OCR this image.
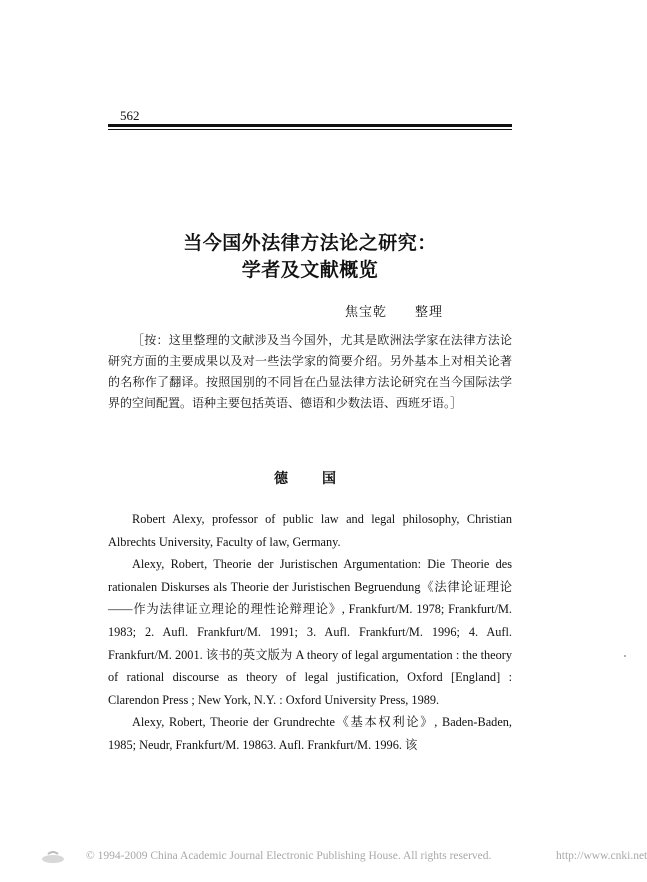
562
当今国外法律方法论之研究：
学者及文献概览
焦宝乾 整理
［按：这里整理的文献涉及当今国外，尤其是欧洲法学家在法律方法论研究方面的主要成果以及对一些法学家的简要介绍。另外基本上对相关论著的名称作了翻译。按照国别的不同旨在凸显法律方法论研究在当今国际法学界的空间配置。语种主要包括英语、德语和少数法语、西班牙语。］
德　国

Robert Alexy, professor of public law and legal philosophy, Christian Albrechts University, Faculty of law, Germany.

Alexy, Robert, Theorie der Juristischen Argumentation: Die Theorie des rationalen Diskurses als Theorie der Juristischen Begruendung《法律论证理论——作为法律证立理论的理性论辩理论》, Frankfurt/M. 1978; Frankfurt/M. 1983; 2. Aufl. Frankfurt/M. 1991; 3. Aufl. Frankfurt/M. 1996; 4. Aufl. Frankfurt/M. 2001. 该书的英文版为 A theory of legal argumentation : the theory of rational discourse as theory of legal justification, Oxford [England] : Clarendon Press ; New York, N.Y. : Oxford University Press, 1989.

Alexy, Robert, Theorie der Grundrechte《基本权利论》, Baden-Baden, 1985; Neudr, Frankfurt/M. 19863. Aufl. Frankfurt/M. 1996. 该

© 1994-2009 China Academic Journal Electronic Publishing House. All rights reserved.	http://www.cnki.net
